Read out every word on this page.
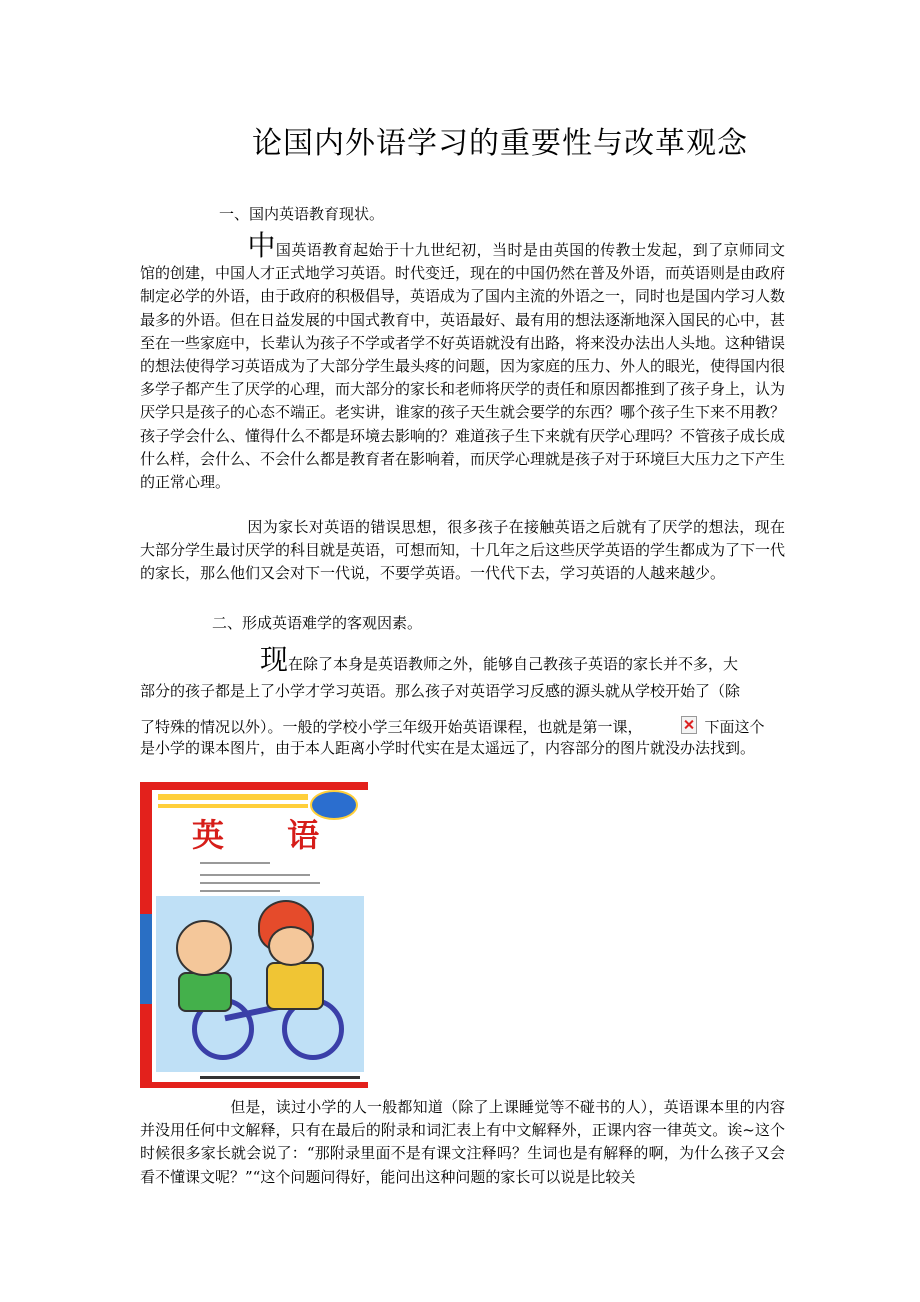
论国内外语学习的重要性与改革观念
一、国内英语教育现状。
中国英语教育起始于十九世纪初，当时是由英国的传教士发起，到了京师同文馆的创建，中国人才正式地学习英语。时代变迁，现在的中国仍然在普及外语，而英语则是由政府制定必学的外语，由于政府的积极倡导，英语成为了国内主流的外语之一，同时也是国内学习人数最多的外语。但在日益发展的中国式教育中，英语最好、最有用的想法逐渐地深入国民的心中，甚至在一些家庭中，长辈认为孩子不学或者学不好英语就没有出路，将来没办法出人头地。这种错误的想法使得学习英语成为了大部分学生最头疼的问题，因为家庭的压力、外人的眼光，使得国内很多学子都产生了厌学的心理，而大部分的家长和老师将厌学的责任和原因都推到了孩子身上，认为厌学只是孩子的心态不端正。老实讲，谁家的孩子天生就会要学的东西？哪个孩子生下来不用教？孩子学会什么、懂得什么不都是环境去影响的？难道孩子生下来就有厌学心理吗？不管孩子成长成什么样，会什么、不会什么都是教育者在影响着，而厌学心理就是孩子对于环境巨大压力之下产生的正常心理。
因为家长对英语的错误思想，很多孩子在接触英语之后就有了厌学的想法，现在大部分学生最讨厌学的科目就是英语，可想而知，十几年之后这些厌学英语的学生都成为了下一代的家长，那么他们又会对下一代说，不要学英语。一代代下去，学习英语的人越来越少。
二、形成英语难学的客观因素。
现在除了本身是英语教师之外，能够自己教孩子英语的家长并不多，大
部分的孩子都是上了小学才学习英语。那么孩子对英语学习反感的源头就从学校开始了（除
了特殊的情况以外）。一般的学校小学三年级开始英语课程，也就是第一课，	下面这个
是小学的课本图片，由于本人距离小学时代实在是太遥远了，内容部分的图片就没办法找到。
英 语
但是，读过小学的人一般都知道（除了上课睡觉等不碰书的人），英语课本里的内容并没用任何中文解释，只有在最后的附录和词汇表上有中文解释外，正课内容一律英文。诶~这个时候很多家长就会说了：“那附录里面不是有课文注释吗？生词也是有解释的啊，为什么孩子又会看不懂课文呢？”“这个问题问得好，能问出这种问题的家长可以说是比较关
